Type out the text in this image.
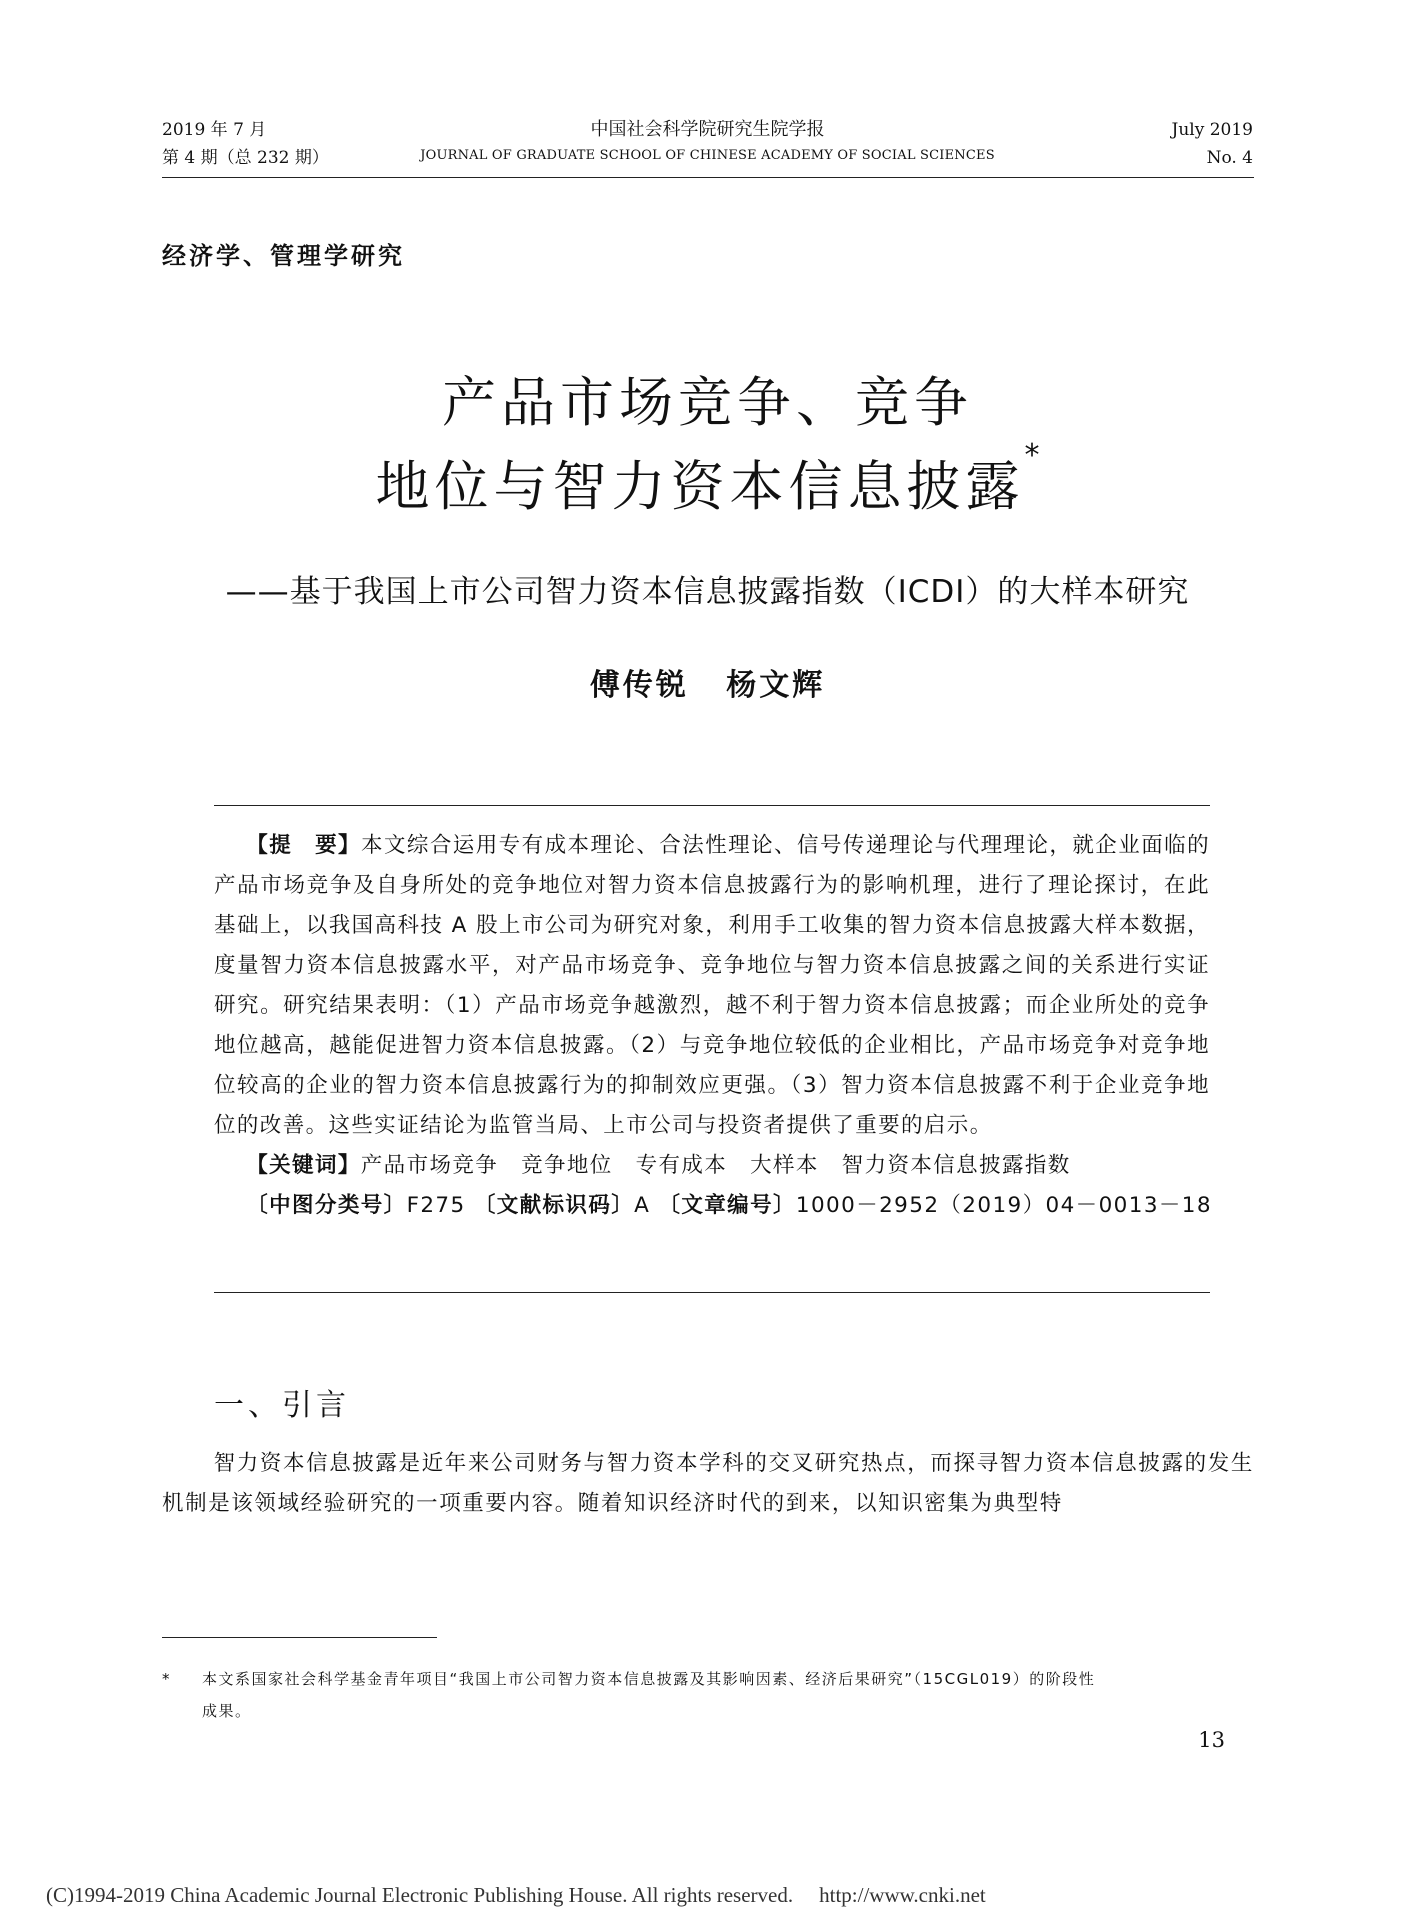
2019 年 7 月
第 4 期（总 232 期）
中国社会科学院研究生院学报
JOURNAL OF GRADUATE SCHOOL OF CHINESE ACADEMY OF SOCIAL SCIENCES
July 2019
No. 4
经济学、管理学研究
产品市场竞争、竞争
地位与智力资本信息披露*
——基于我国上市公司智力资本信息披露指数（ICDI）的大样本研究
傅传锐 杨文辉

【提　要】本文综合运用专有成本理论、合法性理论、信号传递理论与代理理论，就企业面临的产品市场竞争及自身所处的竞争地位对智力资本信息披露行为的影响机理，进行了理论探讨，在此基础上，以我国高科技 A 股上市公司为研究对象，利用手工收集的智力资本信息披露大样本数据，度量智力资本信息披露水平，对产品市场竞争、竞争地位与智力资本信息披露之间的关系进行实证研究。研究结果表明：（1）产品市场竞争越激烈，越不利于智力资本信息披露；而企业所处的竞争地位越高，越能促进智力资本信息披露。（2）与竞争地位较低的企业相比，产品市场竞争对竞争地位较高的企业的智力资本信息披露行为的抑制效应更强。（3）智力资本信息披露不利于企业竞争地位的改善。这些实证结论为监管当局、上市公司与投资者提供了重要的启示。

【关键词】产品市场竞争　竞争地位　专有成本　大样本　智力资本信息披露指数
〔中图分类号〕F275 〔文献标识码〕A 〔文章编号〕1000－2952（2019）04－0013－18
一、引言
智力资本信息披露是近年来公司财务与智力资本学科的交叉研究热点，而探寻智力资本信息披露的发生机制是该领域经验研究的一项重要内容。随着知识经济时代的到来，以知识密集为典型特
* 本文系国家社会科学基金青年项目“我国上市公司智力资本信息披露及其影响因素、经济后果研究”（15CGL019）的阶段性
成果。
13
(C)1994-2019 China Academic Journal Electronic Publishing House. All rights reserved. http://www.cnki.net
